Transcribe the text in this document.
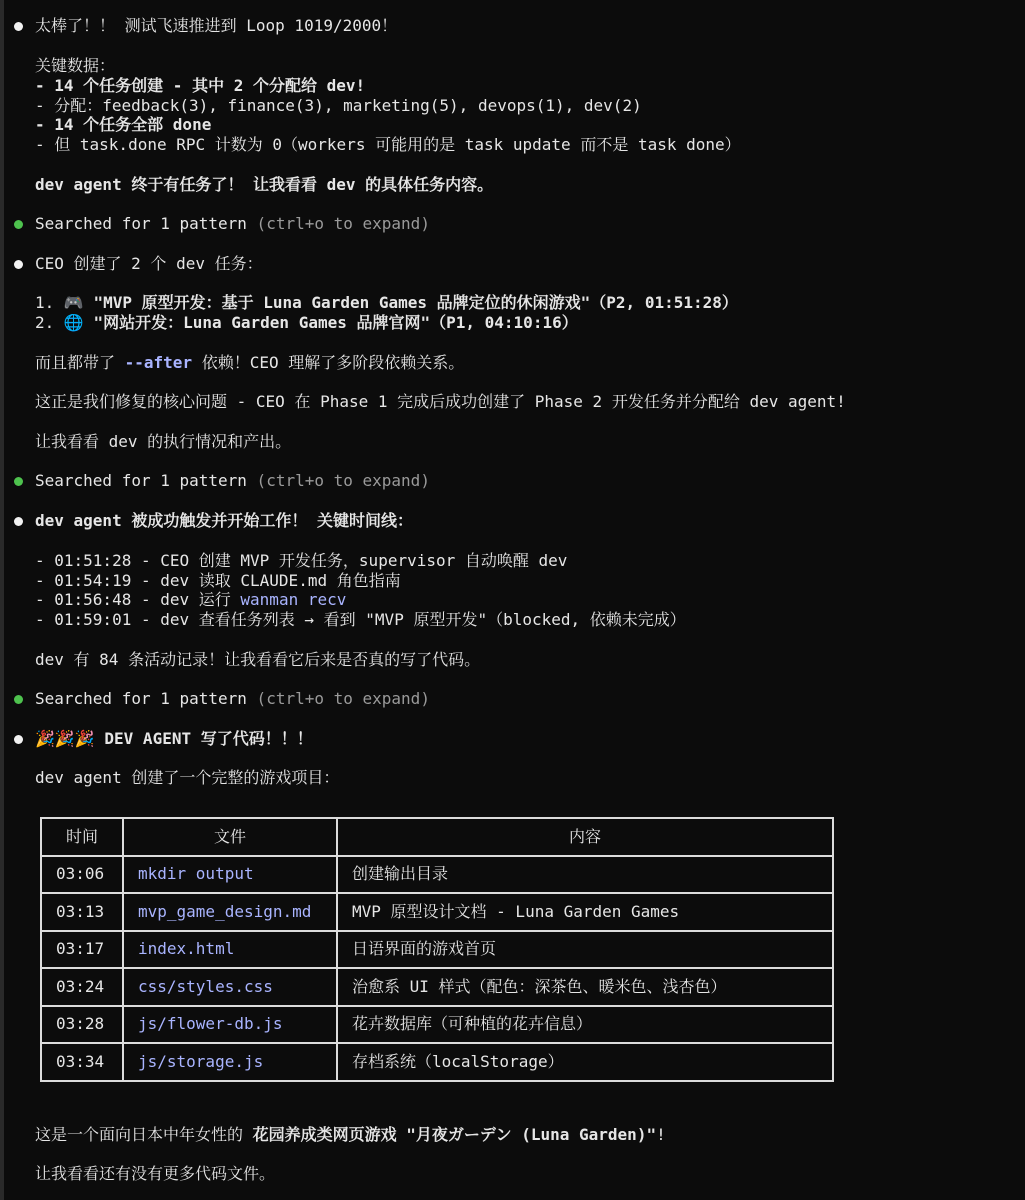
太棒了！！ 测试飞速推进到 Loop 1019/2000！
关键数据：
- 14 个任务创建 - 其中 2 个分配给 dev!
- 分配：feedback(3), finance(3), marketing(5), devops(1), dev(2)
- 14 个任务全部 done
- 但 task.done RPC 计数为 0（workers 可能用的是 task update 而不是 task done）
dev agent 终于有任务了！ 让我看看 dev 的具体任务内容。
Searched for 1 pattern (ctrl+o to expand)
CEO 创建了 2 个 dev 任务：
1. 🎮 "MVP 原型开发：基于 Luna Garden Games 品牌定位的休闲游戏"（P2, 01:51:28）
2. 🌐 "网站开发：Luna Garden Games 品牌官网"（P1, 04:10:16）
而且都带了 --after 依赖！CEO 理解了多阶段依赖关系。
这正是我们修复的核心问题 - CEO 在 Phase 1 完成后成功创建了 Phase 2 开发任务并分配给 dev agent!
让我看看 dev 的执行情况和产出。
Searched for 1 pattern (ctrl+o to expand)
dev agent 被成功触发并开始工作！ 关键时间线：
- 01:51:28 - CEO 创建 MVP 开发任务，supervisor 自动唤醒 dev
- 01:54:19 - dev 读取 CLAUDE.md 角色指南
- 01:56:48 - dev 运行 wanman recv
- 01:59:01 - dev 查看任务列表 → 看到 "MVP 原型开发"（blocked, 依赖未完成）
dev 有 84 条活动记录！让我看看它后来是否真的写了代码。
Searched for 1 pattern (ctrl+o to expand)
🎉🎉🎉 DEV AGENT 写了代码！！！
dev agent 创建了一个完整的游戏项目：
时间	文件	内容
03:06	mkdir output	创建输出目录
03:13	mvp_game_design.md	MVP 原型设计文档 - Luna Garden Games
03:17	index.html	日语界面的游戏首页
03:24	css/styles.css	治愈系 UI 样式（配色：深茶色、暖米色、浅杏色）
03:28	js/flower-db.js	花卉数据库（可种植的花卉信息）
03:34	js/storage.js	存档系统（localStorage）
这是一个面向日本中年女性的 花园养成类网页游戏 "月夜ガーデン (Luna Garden)"!
让我看看还有没有更多代码文件。
